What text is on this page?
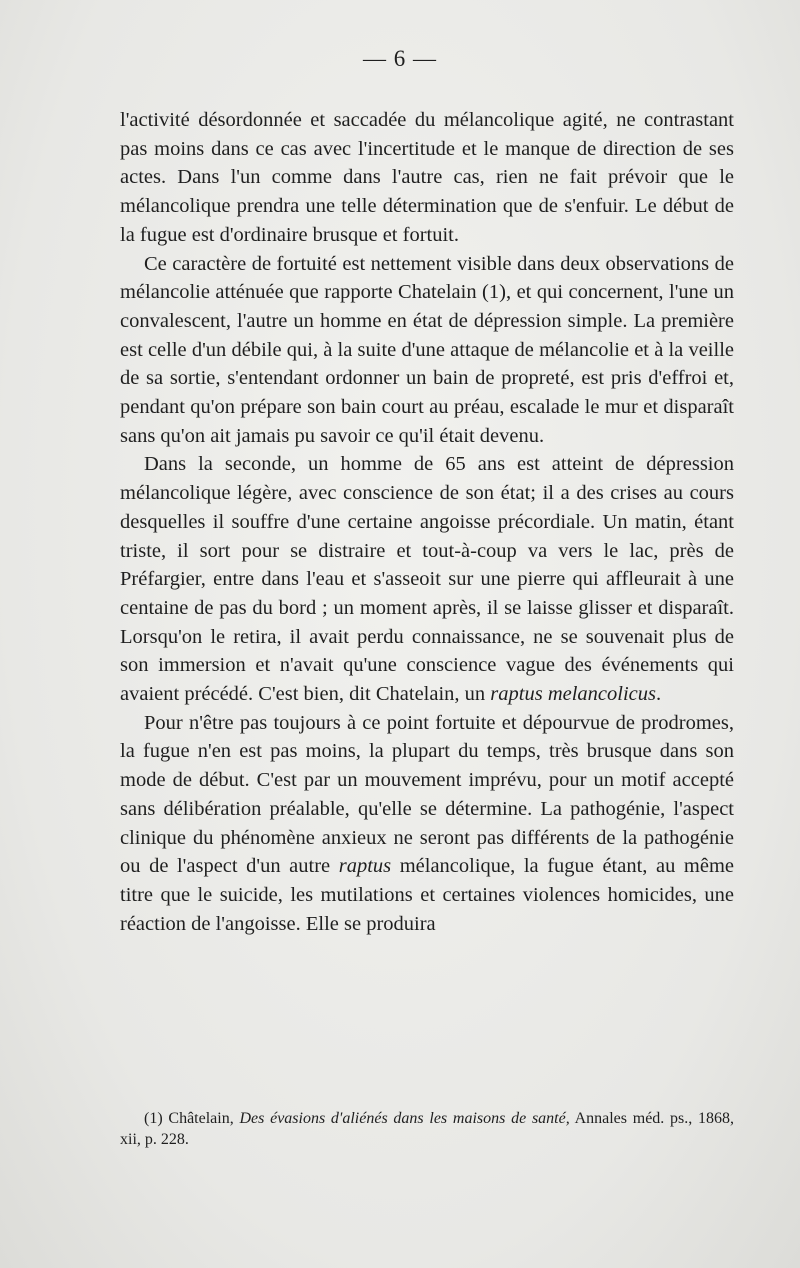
— 6 —

l'activité désordonnée et saccadée du mélancolique agité, ne contrastant pas moins dans ce cas avec l'incertitude et le manque de direction de ses actes. Dans l'un comme dans l'autre cas, rien ne fait prévoir que le mélancolique prendra une telle détermination que de s'enfuir. Le début de la fugue est d'ordinaire brusque et fortuit.

Ce caractère de fortuité est nettement visible dans deux observations de mélancolie atténuée que rapporte Chatelain (1), et qui concernent, l'une un convalescent, l'autre un homme en état de dépression simple. La première est celle d'un débile qui, à la suite d'une attaque de mélancolie et à la veille de sa sortie, s'entendant ordonner un bain de propreté, est pris d'effroi et, pendant qu'on prépare son bain court au préau, escalade le mur et disparaît sans qu'on ait jamais pu savoir ce qu'il était devenu.

Dans la seconde, un homme de 65 ans est atteint de dépression mélancolique légère, avec conscience de son état; il a des crises au cours desquelles il souffre d'une certaine angoisse précordiale. Un matin, étant triste, il sort pour se distraire et tout-à-coup va vers le lac, près de Préfargier, entre dans l'eau et s'asseoit sur une pierre qui affleurait à une centaine de pas du bord ; un moment après, il se laisse glisser et disparaît. Lorsqu'on le retira, il avait perdu connaissance, ne se souvenait plus de son immersion et n'avait qu'une conscience vague des événements qui avaient précédé. C'est bien, dit Chatelain, un raptus melancolicus.

Pour n'être pas toujours à ce point fortuite et dépourvue de prodromes, la fugue n'en est pas moins, la plupart du temps, très brusque dans son mode de début. C'est par un mouvement imprévu, pour un motif accepté sans délibération préalable, qu'elle se détermine. La pathogénie, l'aspect clinique du phénomène anxieux ne seront pas différents de la pathogénie ou de l'aspect d'un autre raptus mélancolique, la fugue étant, au même titre que le suicide, les mutilations et certaines violences homicides, une réaction de l'angoisse. Elle se produira

(1) Châtelain, Des évasions d'aliénés dans les maisons de santé, Annales méd. ps., 1868, xii, p. 228.
